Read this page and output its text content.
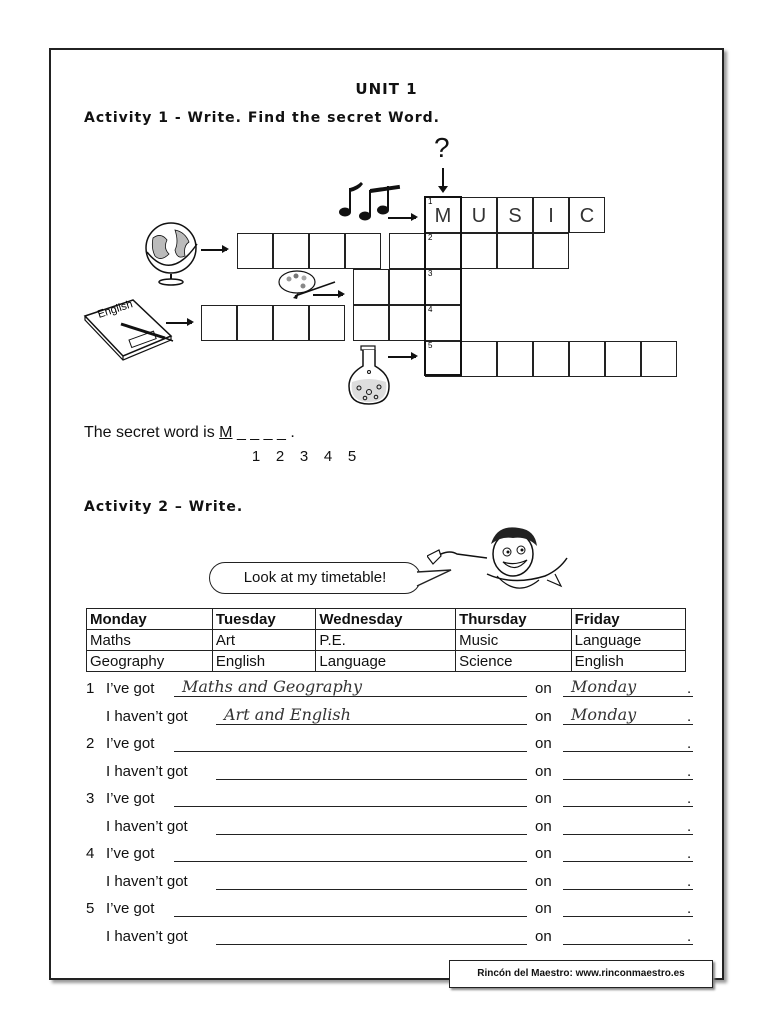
UNIT 1
Activity 1 - Write. Find the secret Word.
?
1
M	U	S	I	C
2
3
4
5
English
The secret word is M _ _ _ _ .
1 2 3 4 5
Activity 2 – Write.
Look at my timetable!
Monday	Tuesday	Wednesday	Thursday	Friday
Maths	Art	P.E.	Music	Language
Geography	English	Language	Science	English
1 I’ve got	Maths and Geography	on	Monday	.
I haven’t got	Art and English	on	Monday	.
2 I’ve got	on	.
I haven’t got	on	.
3 I’ve got	on	.
I haven’t got	on	.
4 I’ve got	on	.
I haven’t got	on	.
5 I’ve got	on	.
I haven’t got	on	.
Rincón del Maestro: www.rinconmaestro.es
